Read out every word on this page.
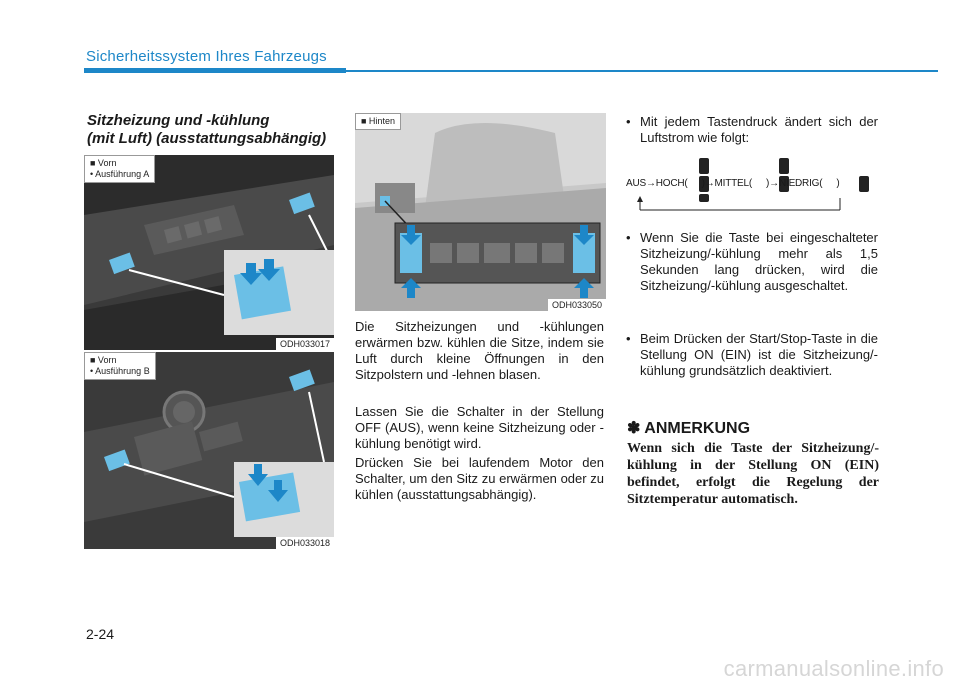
Sicherheitssystem Ihres Fahrzeugs
Sitzheizung und -kühlung
(mit Luft) (ausstattungsabhängig)
■ Vorn
• Ausführung A
ODH033017
■ Vorn
• Ausführung B
ODH033018
■ Hinten
ODH033050
Die Sitzheizungen und -kühlungen erwärmen bzw. kühlen die Sitze, indem sie Luft durch kleine Öffnungen in den Sitzpolstern und -lehnen blasen.
Lassen Sie die Schalter in der Stellung OFF (AUS), wenn keine Sitzheizung oder -kühlung benötigt wird.
Drücken Sie bei laufendem Motor den Schalter, um den Sitz zu erwärmen oder zu kühlen (ausstattungsabhängig).
• Mit jedem Tastendruck ändert sich der Luftstrom wie folgt:
AUS→HOCH( )→MITTEL( )→NIEDRIG( )
• Wenn Sie die Taste bei eingeschalteter Sitzheizung/-kühlung mehr als 1,5 Sekunden lang drücken, wird die Sitzheizung/-kühlung ausgeschaltet.
• Beim Drücken der Start/Stop-Taste in die Stellung ON (EIN) ist die Sitzheizung/-kühlung grundsätzlich deaktiviert.
✽ ANMERKUNG
Wenn sich die Taste der Sitzheizung/-kühlung in der Stellung ON (EIN) befindet, erfolgt die Regelung der Sitztemperatur automatisch.
2-24
carmanualsonline.info
